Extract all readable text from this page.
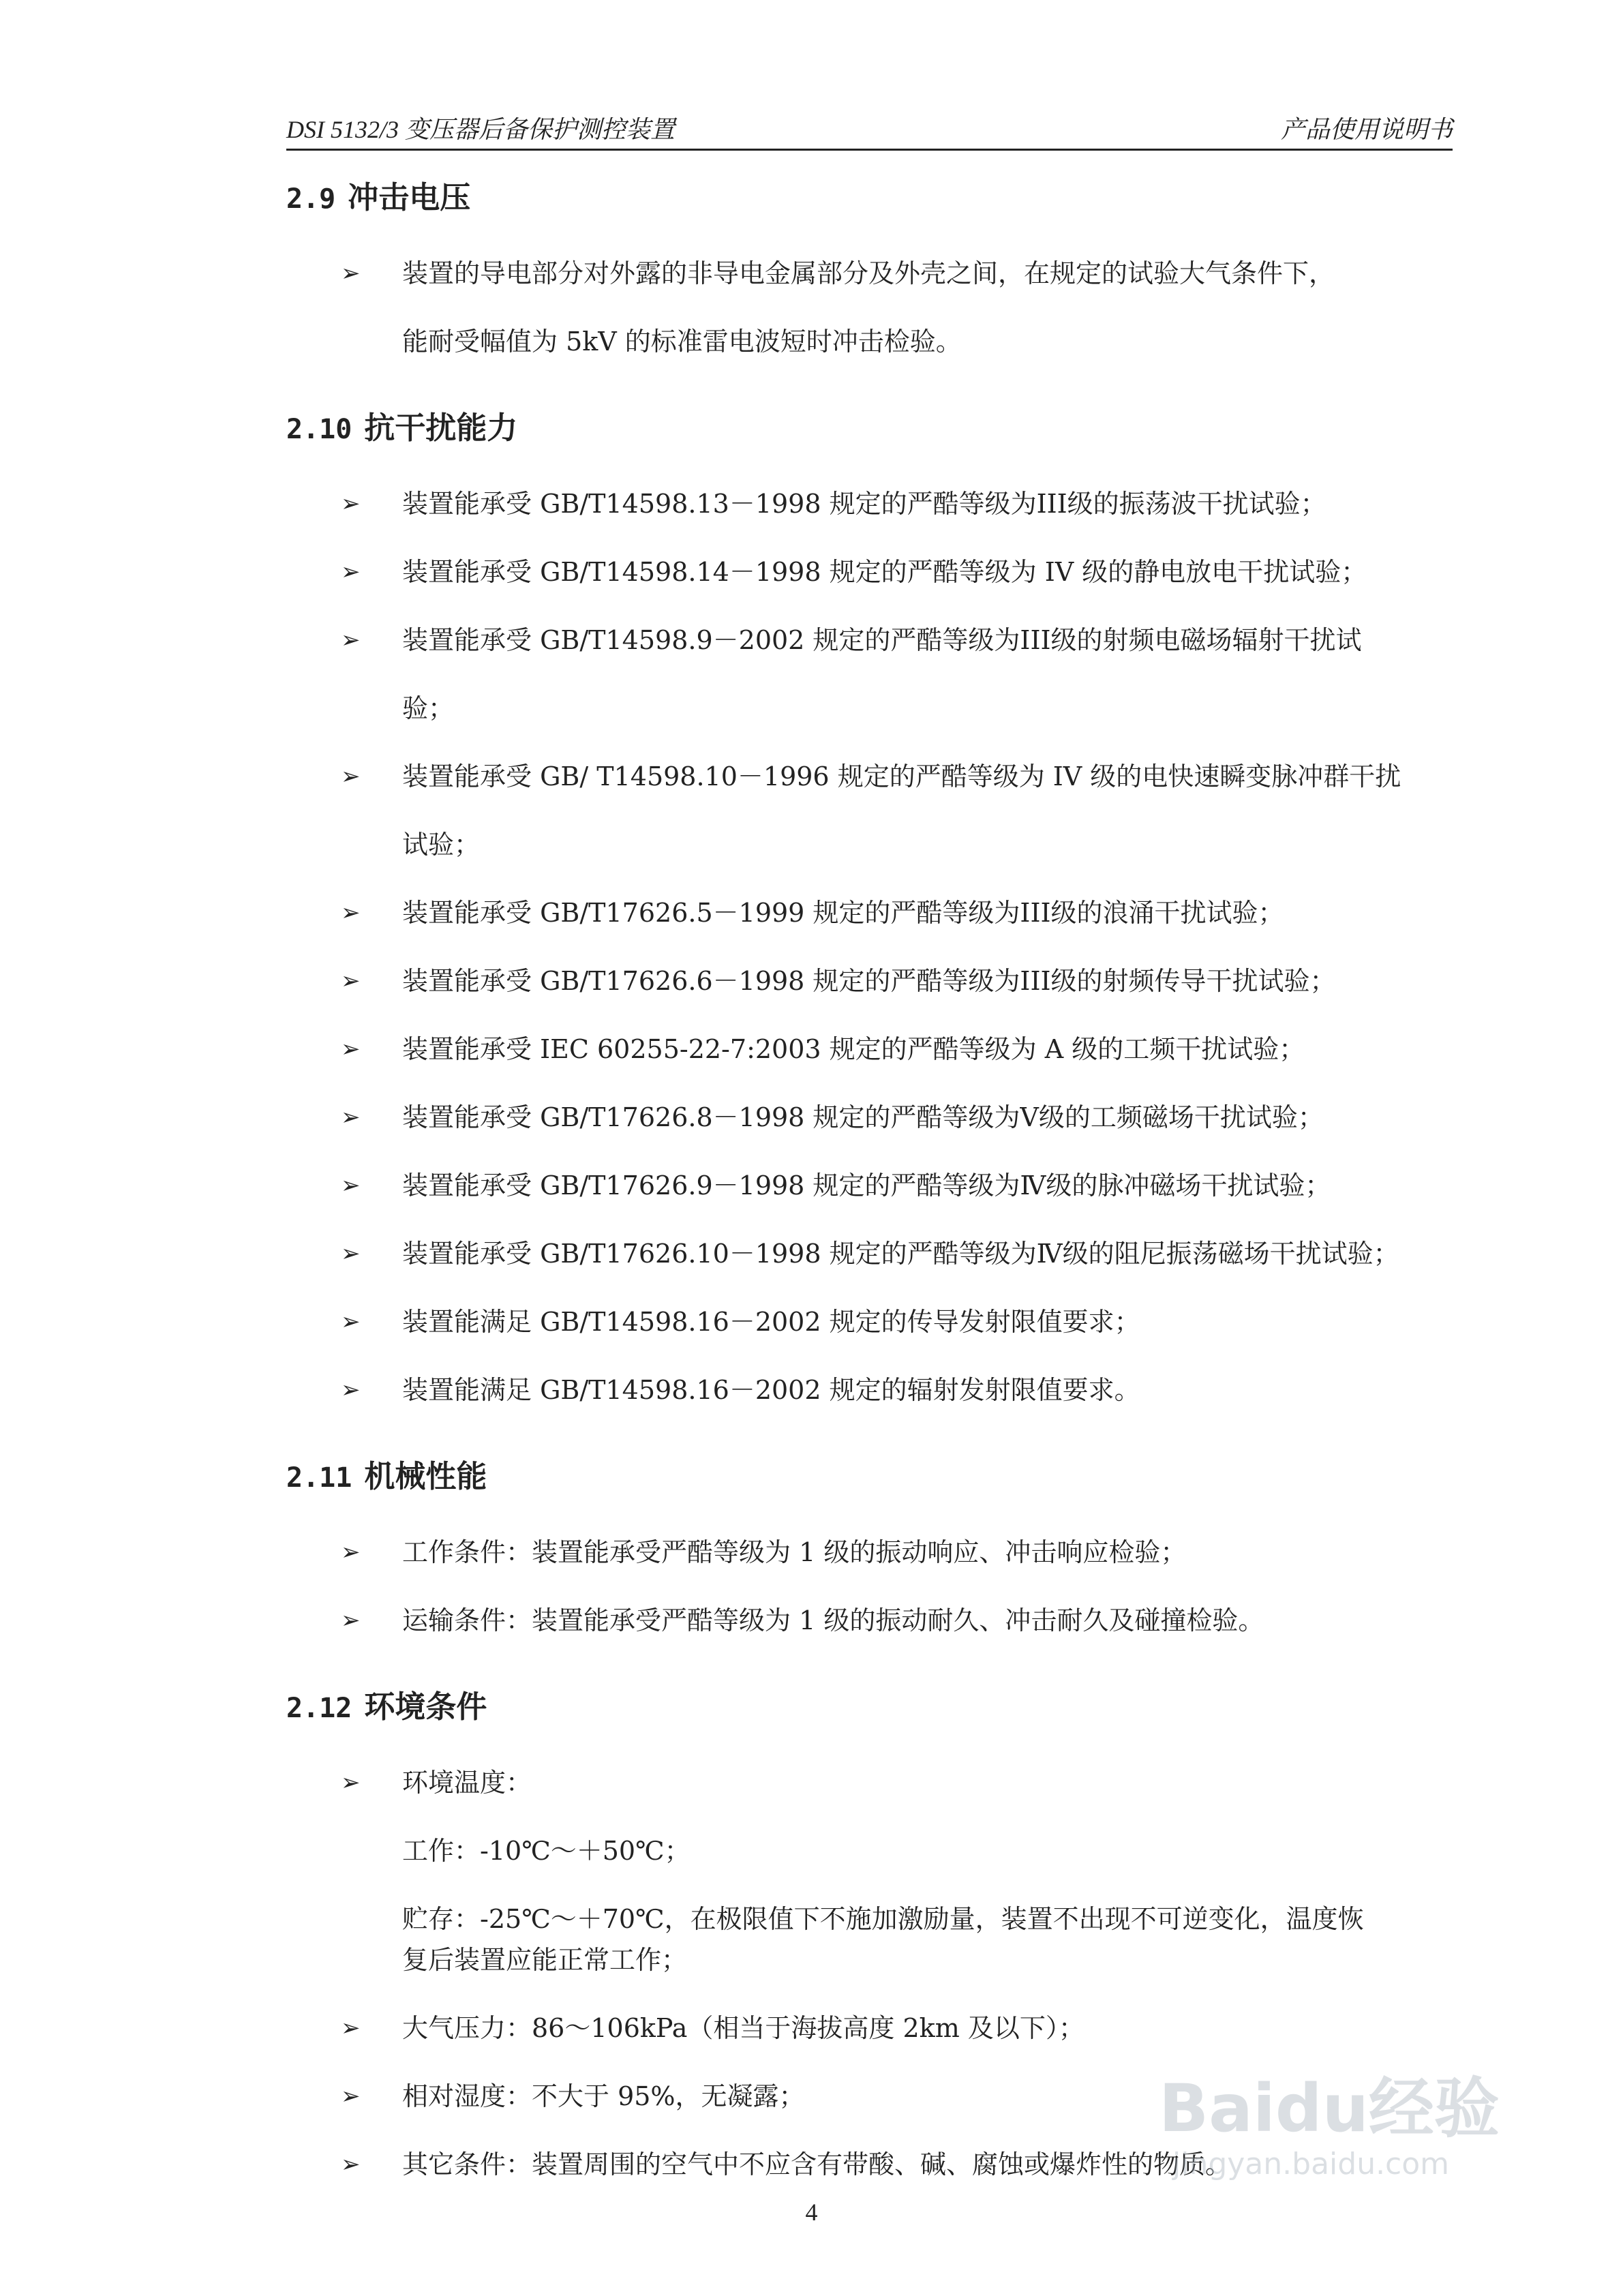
DSI 5132/3 变压器后备保护测控装置	产品使用说明书
2.9 冲击电压
➢ 装置的导电部分对外露的非导电金属部分及外壳之间，在规定的试验大气条件下，
能耐受幅值为 5kV 的标准雷电波短时冲击检验。
2.10 抗干扰能力
➢ 装置能承受 GB/T14598.13－1998 规定的严酷等级为III级的振荡波干扰试验；
➢ 装置能承受 GB/T14598.14－1998 规定的严酷等级为 IV 级的静电放电干扰试验；
➢ 装置能承受 GB/T14598.9－2002 规定的严酷等级为III级的射频电磁场辐射干扰试
验；
➢ 装置能承受 GB/ T14598.10－1996 规定的严酷等级为 IV 级的电快速瞬变脉冲群干扰
试验；
➢ 装置能承受 GB/T17626.5－1999 规定的严酷等级为III级的浪涌干扰试验；
➢ 装置能承受 GB/T17626.6－1998 规定的严酷等级为III级的射频传导干扰试验；
➢ 装置能承受 IEC 60255-22-7:2003 规定的严酷等级为 A 级的工频干扰试验；
➢ 装置能承受 GB/T17626.8－1998 规定的严酷等级为Ⅴ级的工频磁场干扰试验；
➢ 装置能承受 GB/T17626.9－1998 规定的严酷等级为Ⅳ级的脉冲磁场干扰试验；
➢ 装置能承受 GB/T17626.10－1998 规定的严酷等级为Ⅳ级的阻尼振荡磁场干扰试验；
➢ 装置能满足 GB/T14598.16－2002 规定的传导发射限值要求；
➢ 装置能满足 GB/T14598.16－2002 规定的辐射发射限值要求。
2.11 机械性能
➢ 工作条件：装置能承受严酷等级为 1 级的振动响应、冲击响应检验；
➢ 运输条件：装置能承受严酷等级为 1 级的振动耐久、冲击耐久及碰撞检验。
2.12 环境条件
➢ 环境温度：
工作：-10℃～＋50℃；
贮存：-25℃～＋70℃，在极限值下不施加激励量，装置不出现不可逆变化，温度恢
复后装置应能正常工作；
➢ 大气压力：86～106kPa（相当于海拔高度 2km 及以下）；
➢ 相对湿度：不大于 95%，无凝露；
➢ 其它条件：装置周围的空气中不应含有带酸、碱、腐蚀或爆炸性的物质。
Baidu经验
jingyan.baidu.com
4
